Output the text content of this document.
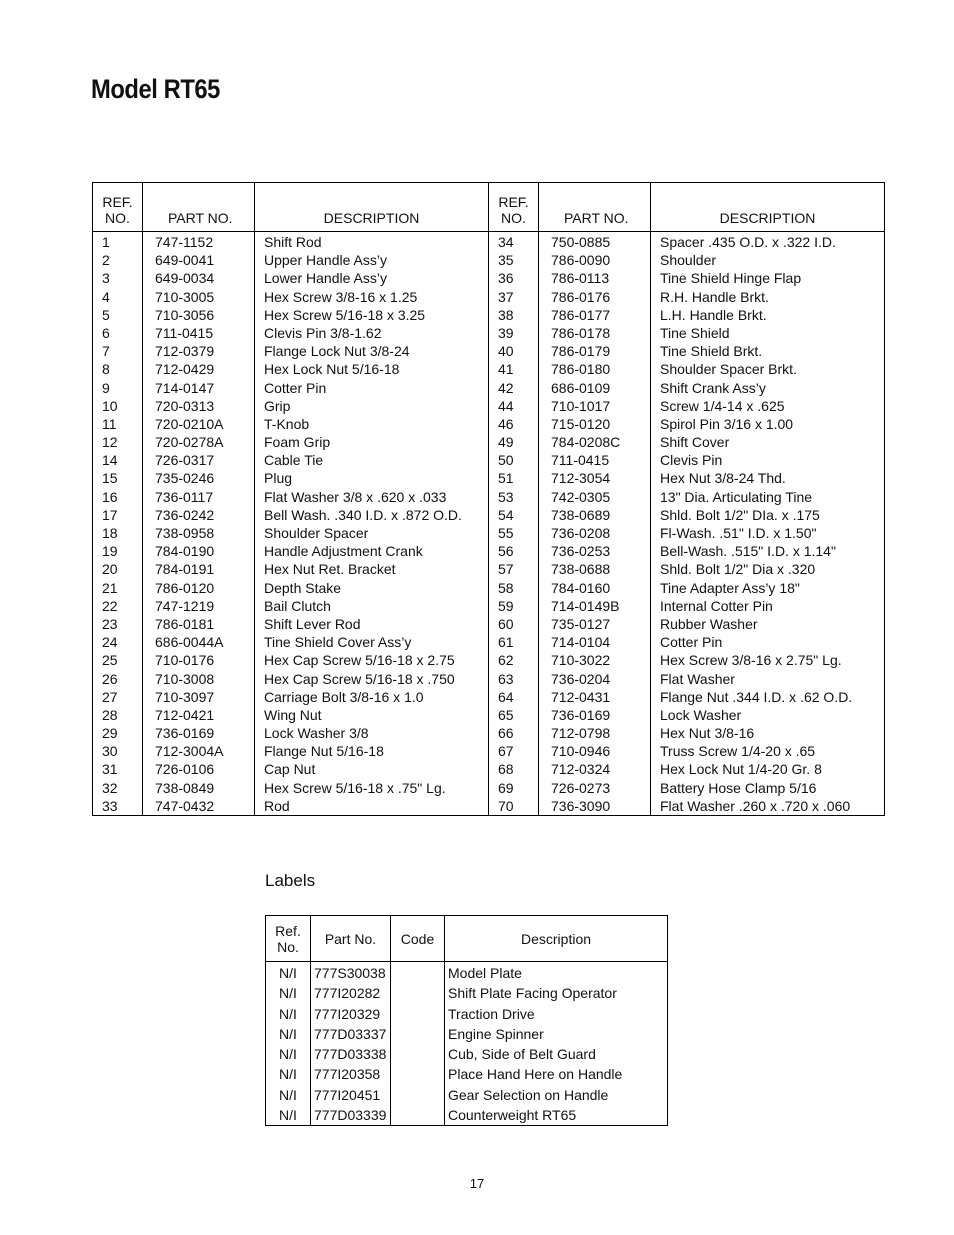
Model RT65
REF.
NO.	PART NO.	DESCRIPTION
1	747-1152	Shift Rod
2	649-0041	Upper Handle Ass’y
3	649-0034	Lower Handle Ass’y
4	710-3005	Hex Screw 3/8-16 x 1.25
5	710-3056	Hex Screw 5/16-18 x 3.25
6	711-0415	Clevis Pin 3/8-1.62
7	712-0379	Flange Lock Nut 3/8-24
8	712-0429	Hex Lock Nut 5/16-18
9	714-0147	Cotter Pin
10	720-0313	Grip
11	720-0210A	T-Knob
12	720-0278A	Foam Grip
14	726-0317	Cable Tie
15	735-0246	Plug
16	736-0117	Flat Washer 3/8 x .620 x .033
17	736-0242	Bell Wash. .340 I.D. x .872 O.D.
18	738-0958	Shoulder Spacer
19	784-0190	Handle Adjustment Crank
20	784-0191	Hex Nut Ret. Bracket
21	786-0120	Depth Stake
22	747-1219	Bail Clutch
23	786-0181	Shift Lever Rod
24	686-0044A	Tine Shield Cover Ass’y
25	710-0176	Hex Cap Screw 5/16-18 x 2.75
26	710-3008	Hex Cap Screw 5/16-18 x .750
27	710-3097	Carriage Bolt 3/8-16 x 1.0
28	712-0421	Wing Nut
29	736-0169	Lock Washer 3/8
30	712-3004A	Flange Nut 5/16-18
31	726-0106	Cap Nut
32	738-0849	Hex Screw 5/16-18 x .75" Lg.
33	747-0432	Rod
REF.
NO.	PART NO.	DESCRIPTION
34	750-0885	Spacer .435 O.D. x .322 I.D.
35	786-0090	Shoulder
36	786-0113	Tine Shield Hinge Flap
37	786-0176	R.H. Handle Brkt.
38	786-0177	L.H. Handle Brkt.
39	786-0178	Tine Shield
40	786-0179	Tine Shield Brkt.
41	786-0180	Shoulder Spacer Brkt.
42	686-0109	Shift Crank Ass’y
44	710-1017	Screw 1/4-14 x .625
46	715-0120	Spirol Pin 3/16 x 1.00
49	784-0208C	Shift Cover
50	711-0415	Clevis Pin
51	712-3054	Hex Nut 3/8-24 Thd.
53	742-0305	13" Dia. Articulating Tine
54	738-0689	Shld. Bolt 1/2" DIa. x .175
55	736-0208	Fl-Wash. .51" I.D. x 1.50"
56	736-0253	Bell-Wash. .515" I.D. x 1.14"
57	738-0688	Shld. Bolt 1/2" Dia x .320
58	784-0160	Tine Adapter Ass’y 18"
59	714-0149B	Internal Cotter Pin
60	735-0127	Rubber Washer
61	714-0104	Cotter Pin
62	710-3022	Hex Screw 3/8-16 x 2.75" Lg.
63	736-0204	Flat Washer
64	712-0431	Flange Nut .344 I.D. x .62 O.D.
65	736-0169	Lock Washer
66	712-0798	Hex Nut 3/8-16
67	710-0946	Truss Screw 1/4-20 x .65
68	712-0324	Hex Lock Nut 1/4-20 Gr. 8
69	726-0273	Battery Hose Clamp 5/16
70	736-3090	Flat Washer .260 x .720 x .060
Labels
Ref.
No.	Part No.	Code	Description
N/I	777S30038		Model Plate
N/I	777I20282		Shift Plate Facing Operator
N/I	777I20329		Traction Drive
N/I	777D03337		Engine Spinner
N/I	777D03338		Cub, Side of Belt Guard
N/I	777I20358		Place Hand Here on Handle
N/I	777I20451		Gear Selection on Handle
N/I	777D03339		Counterweight RT65
17
